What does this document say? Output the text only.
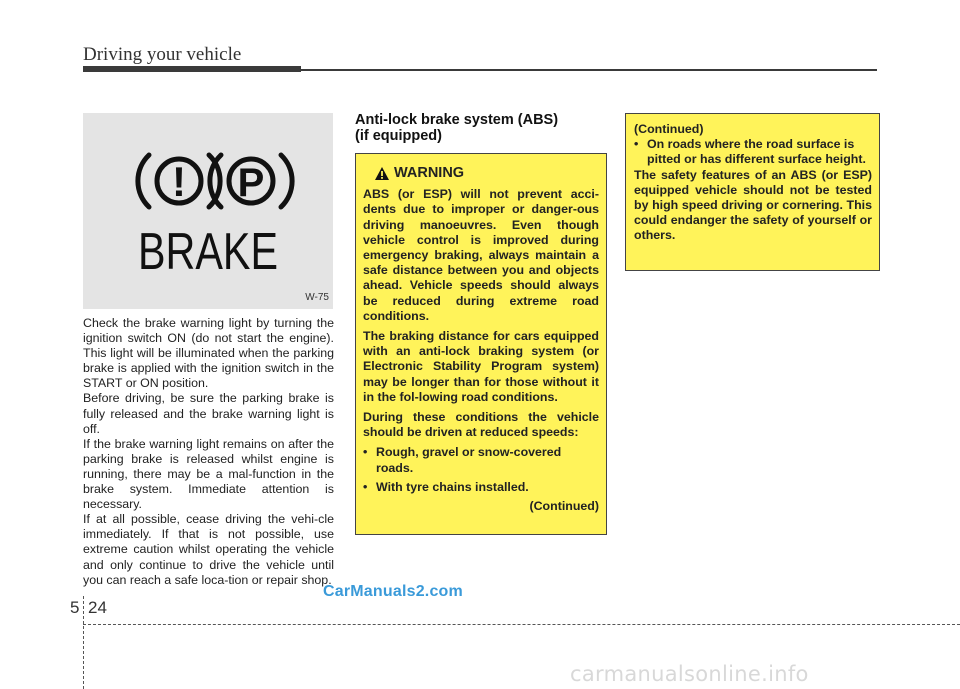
Driving your vehicle
! P
BRAKE
W-75

Check the brake warning light by turning the ignition switch ON (do not start the engine). This light will be illuminated when the parking brake is applied with the ignition switch in the START or ON position.

Before driving, be sure the parking brake is fully released and the brake warning light is off.

If the brake warning light remains on after the parking brake is released whilst engine is running, there may be a mal-function in the brake system. Immediate attention is necessary.

If at all possible, cease driving the vehi-cle immediately. If that is not possible, use extreme caution whilst operating the vehicle and only continue to drive the vehicle until you can reach a safe loca-tion or repair shop.

Anti-lock brake system (ABS)
(if equipped)
WARNING

ABS (or ESP) will not prevent acci-dents due to improper or danger-ous driving manoeuvres. Even though vehicle control is improved during emergency braking, always maintain a safe distance between you and objects ahead. Vehicle speeds should always be reduced during extreme road conditions.

The braking distance for cars equipped with an anti-lock braking system (or Electronic Stability Program system) may be longer than for those without it in the fol-lowing road conditions.

During these conditions the vehicle should be driven at reduced speeds:

• Rough, gravel or snow-covered roads.
• With tyre chains installed.
(Continued)

(Continued)

• On roads where the road surface is pitted or has different surface height.

The safety features of an ABS (or ESP) equipped vehicle should not be tested by high speed driving or cornering. This could endanger the safety of yourself or others.

CarManuals2.com
5 24
carmanualsonline.info
